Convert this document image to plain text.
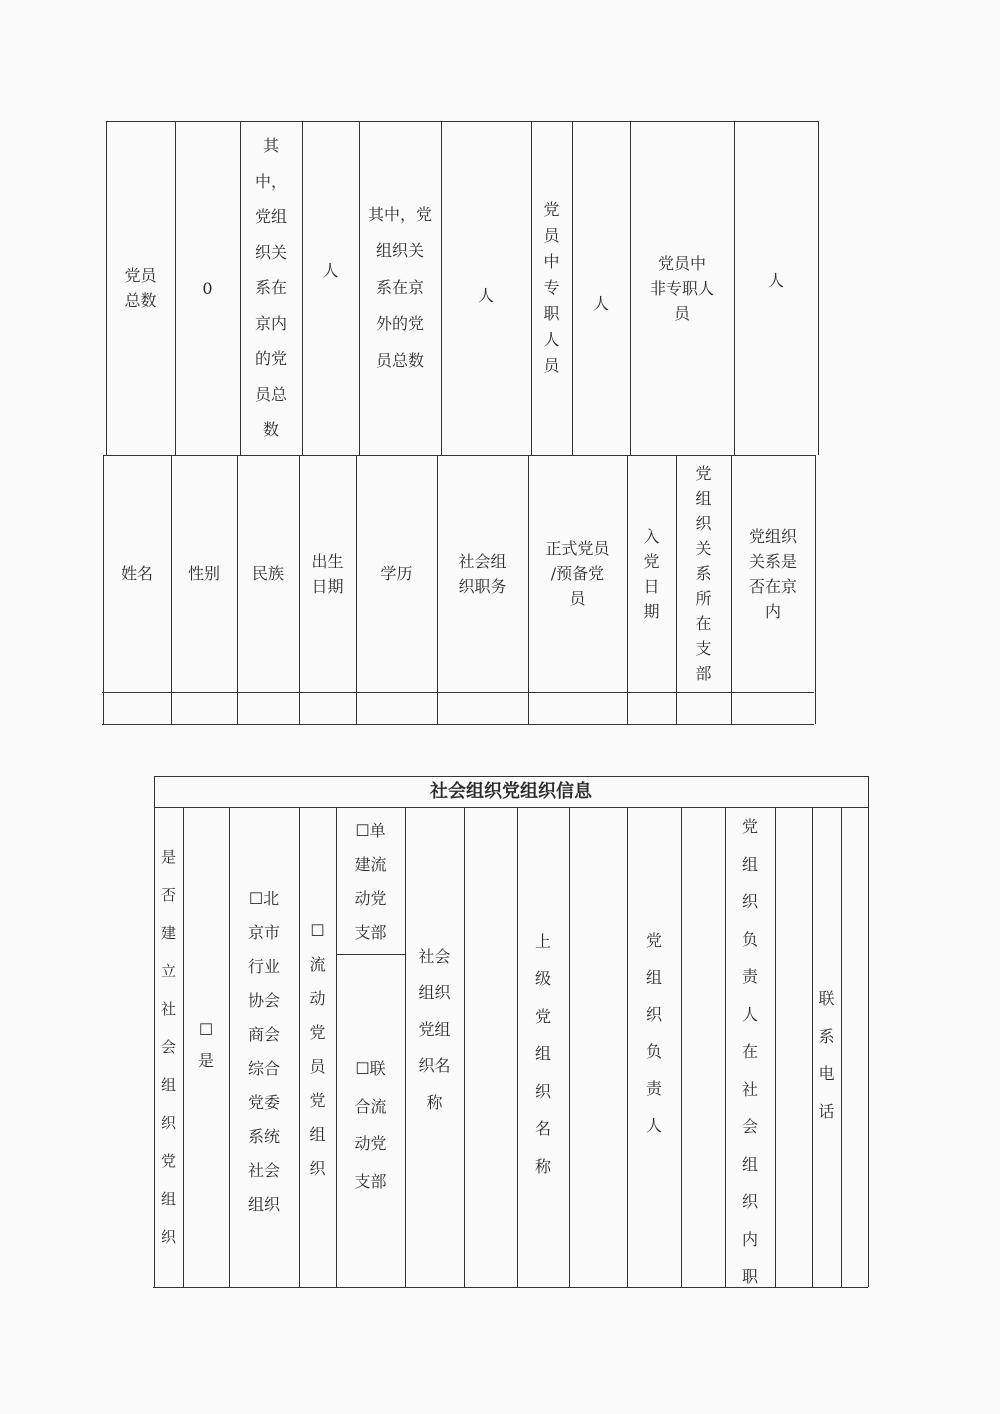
党员
总数
0
其
中，
党组
织关
系在
京内
的党
员总
数
人
其中，党
组织关
系在京
外的党
员总数
人
党
员
中
专
职
人
员
人
党员中
非专职人
员
人
姓名	性别	民族
出生
日期
学历
社会组
织职务
正式党员
/预备党
员
入
党
日
期
党
组
织
关
系
所
在
支
部
党组织
关系是
否在京
内
社会组织党组织信息
是
否
建
立
社
会
组
织
党
组
织
☐
是
☐北
京市
行业
协会
商会
综合
党委
系统
社会
组织
☐
流
动
党
员
党
组
织
☐单
建流
动党
支部
☐联
合流
动党
支部
社会
组织
党组
织名
称
上
级
党
组
织
名
称
党
组
织
负
责
人
党
组
织
负
责
人
在
社
会
组
织
内
职
联
系
电
话
